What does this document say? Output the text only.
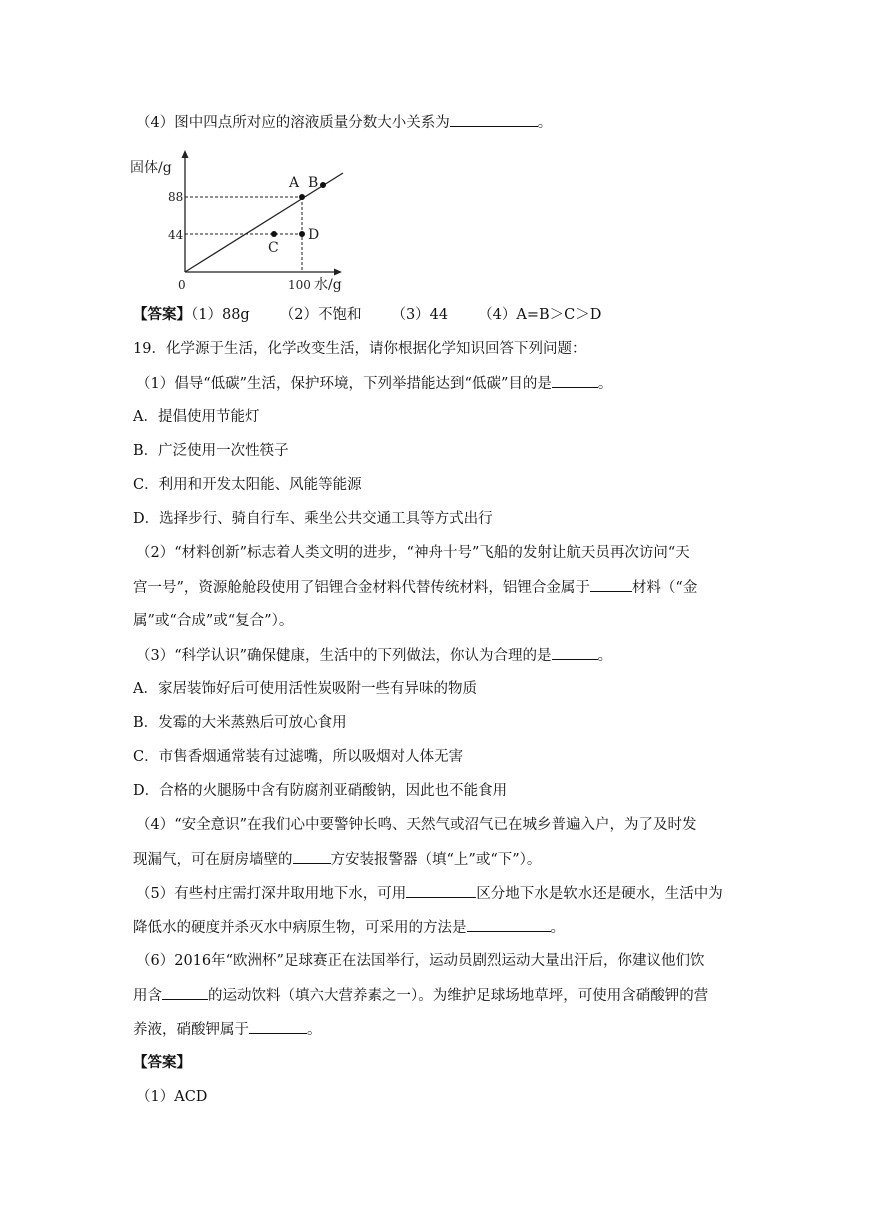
（4）图中四点所对应的溶液质量分数大小关系为	。
固体/g
88
44
0	100 水/g
A B
C
D
【答案】（1）88g （2）不饱和 （3）44 （4）A=B＞C＞D
19．化学源于生活，化学改变生活，请你根据化学知识回答下列问题：
（1）倡导“低碳”生活，保护环境，下列举措能达到“低碳”目的是	。
A．提倡使用节能灯
B．广泛使用一次性筷子
C．利用和开发太阳能、风能等能源
D．选择步行、骑自行车、乘坐公共交通工具等方式出行
（2）“材料创新”标志着人类文明的进步，“神舟十号”飞船的发射让航天员再次访问“天
宫一号”，资源舱舱段使用了铝锂合金材料代替传统材料，铝锂合金属于	材料（“金
属”或“合成”或“复合”）。
（3）“科学认识”确保健康，生活中的下列做法，你认为合理的是	。
A．家居装饰好后可使用活性炭吸附一些有异味的物质
B．发霉的大米蒸熟后可放心食用
C．市售香烟通常装有过滤嘴，所以吸烟对人体无害
D．合格的火腿肠中含有防腐剂亚硝酸钠，因此也不能食用
（4）“安全意识”在我们心中要警钟长鸣、天然气或沼气已在城乡普遍入户，为了及时发
现漏气，可在厨房墙壁的	方安装报警器（填“上”或“下”）。
（5）有些村庄需打深井取用地下水，可用	区分地下水是软水还是硬水，生活中为
降低水的硬度并杀灭水中病原生物，可采用的方法是	。
（6）2016年“欧洲杯”足球赛正在法国举行，运动员剧烈运动大量出汗后，你建议他们饮
用含	的运动饮料（填六大营养素之一）。为维护足球场地草坪，可使用含硝酸钾的营
养液，硝酸钾属于	。
【答案】
（1）ACD
